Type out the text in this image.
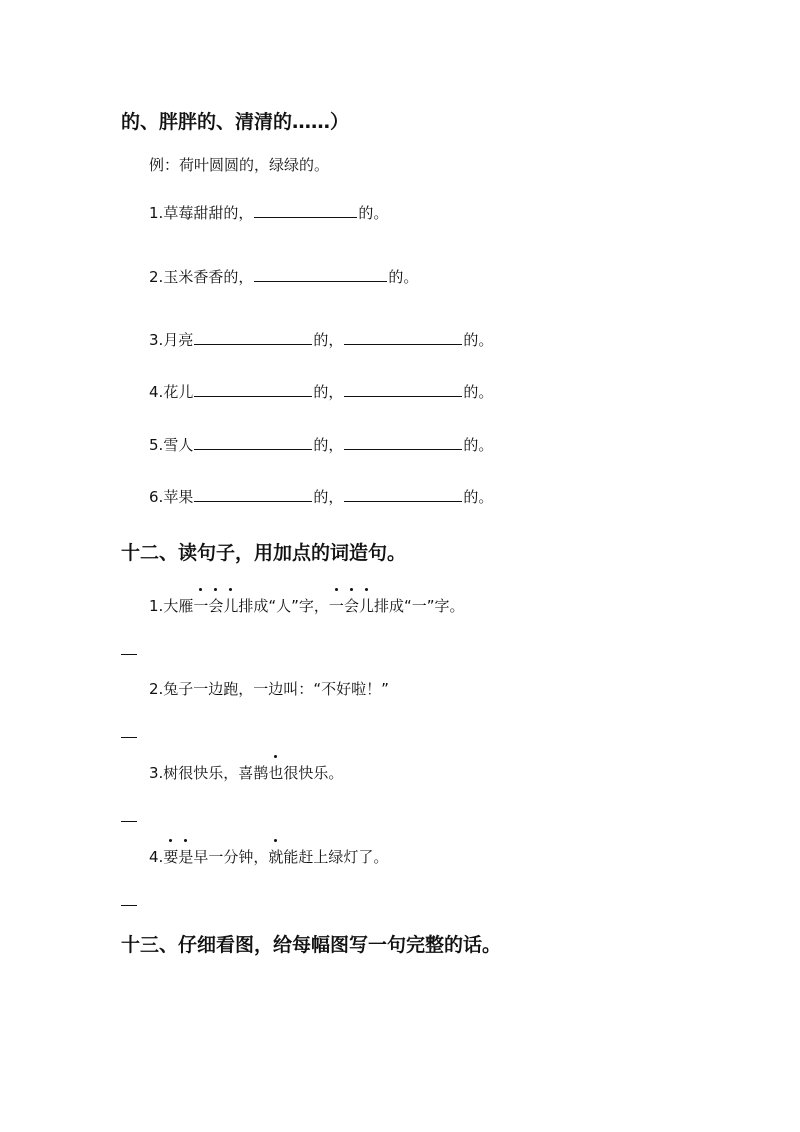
的、胖胖的、清清的……）
例：荷叶圆圆的，绿绿的。
1.草莓甜甜的，	的。
2.玉米香香的，	的。
3.月亮	的，	的。
4.花儿	的，	的。
5.雪人	的，	的。
6.苹果	的，	的。
十二、读句子，用加点的词造句。
1.大雁一会儿排成“人”字，一会儿排成“一”字。
2.兔子一边跑，一边叫：“不好啦！”
3.树很快乐，喜鹊也很快乐。
4.要是早一分钟，就能赶上绿灯了。
十三、仔细看图，给每幅图写一句完整的话。
